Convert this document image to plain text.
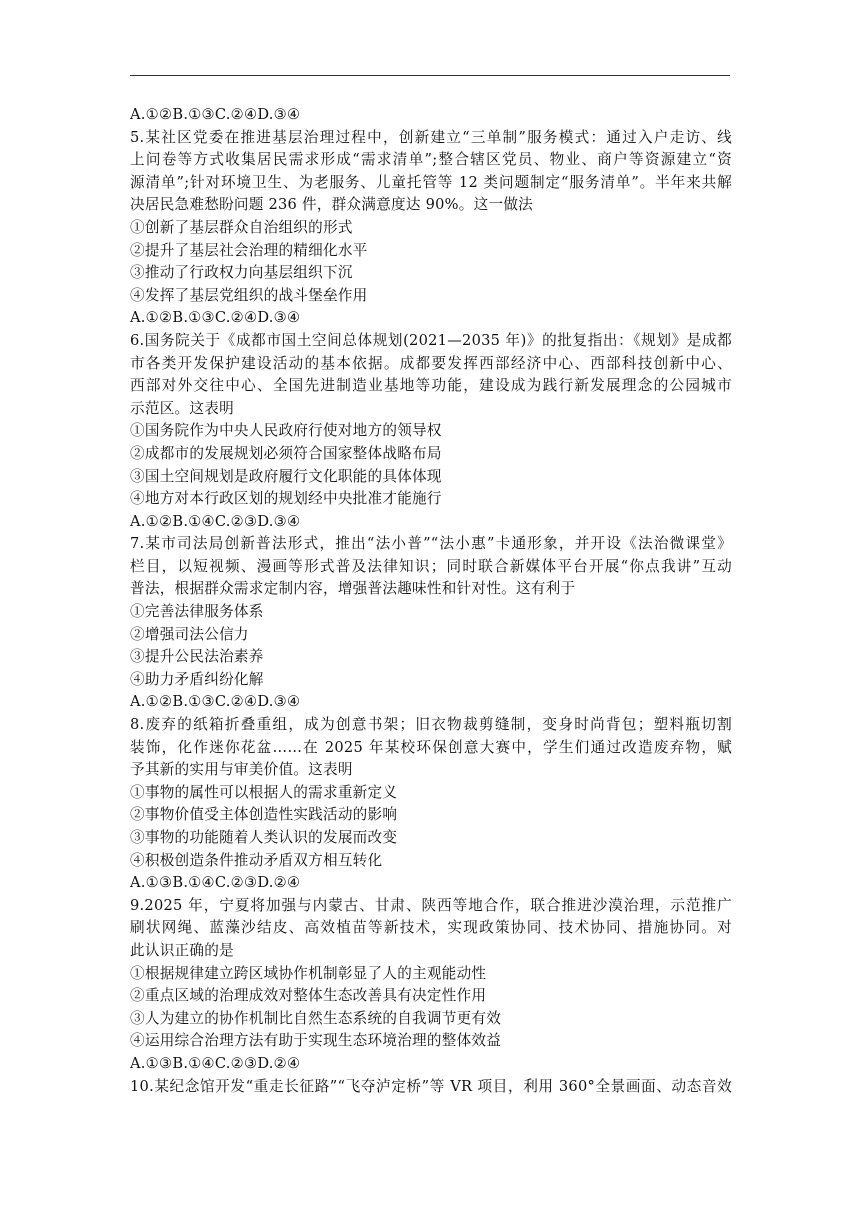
A.①②B.①③C.②④D.③④
5.某社区党委在推进基层治理过程中，创新建立“三单制”服务模式：通过入户走访、线
上问卷等方式收集居民需求形成“需求清单”;整合辖区党员、物业、商户等资源建立“资
源清单”;针对环境卫生、为老服务、儿童托管等 12 类问题制定“服务清单”。半年来共解
决居民急难愁盼问题 236 件，群众满意度达 90%。这一做法
①创新了基层群众自治组织的形式
②提升了基层社会治理的精细化水平
③推动了行政权力向基层组织下沉
④发挥了基层党组织的战斗堡垒作用
A.①②B.①③C.②④D.③④
6.国务院关于《成都市国土空间总体规划(2021—2035 年)》的批复指出：《规划》是成都
市各类开发保护建设活动的基本依据。成都要发挥西部经济中心、西部科技创新中心、
西部对外交往中心、全国先进制造业基地等功能，建设成为践行新发展理念的公园城市
示范区。这表明
①国务院作为中央人民政府行使对地方的领导权
②成都市的发展规划必须符合国家整体战略布局
③国土空间规划是政府履行文化职能的具体体现
④地方对本行政区划的规划经中央批准才能施行
A.①②B.①④C.②③D.③④
7.某市司法局创新普法形式，推出“法小普”“法小惠”卡通形象，并开设《法治微课堂》
栏目，以短视频、漫画等形式普及法律知识；同时联合新媒体平台开展“你点我讲”互动
普法，根据群众需求定制内容，增强普法趣味性和针对性。这有利于
①完善法律服务体系
②增强司法公信力
③提升公民法治素养
④助力矛盾纠纷化解
A.①②B.①③C.②④D.③④
8.废弃的纸箱折叠重组，成为创意书架；旧衣物裁剪缝制，变身时尚背包；塑料瓶切割
装饰，化作迷你花盆……在 2025 年某校环保创意大赛中，学生们通过改造废弃物，赋
予其新的实用与审美价值。这表明
①事物的属性可以根据人的需求重新定义
②事物价值受主体创造性实践活动的影响
③事物的功能随着人类认识的发展而改变
④积极创造条件推动矛盾双方相互转化
A.①③B.①④C.②③D.②④
9.2025 年，宁夏将加强与内蒙古、甘肃、陕西等地合作，联合推进沙漠治理，示范推广
刷状网绳、蓝藻沙结皮、高效植苗等新技术，实现政策协同、技术协同、措施协同。对
此认识正确的是
①根据规律建立跨区域协作机制彰显了人的主观能动性
②重点区域的治理成效对整体生态改善具有决定性作用
③人为建立的协作机制比自然生态系统的自我调节更有效
④运用综合治理方法有助于实现生态环境治理的整体效益
A.①③B.①④C.②③D.②④
10.某纪念馆开发“重走长征路”“飞夺泸定桥”等 VR 项目，利用 360°全景画面、动态音效
